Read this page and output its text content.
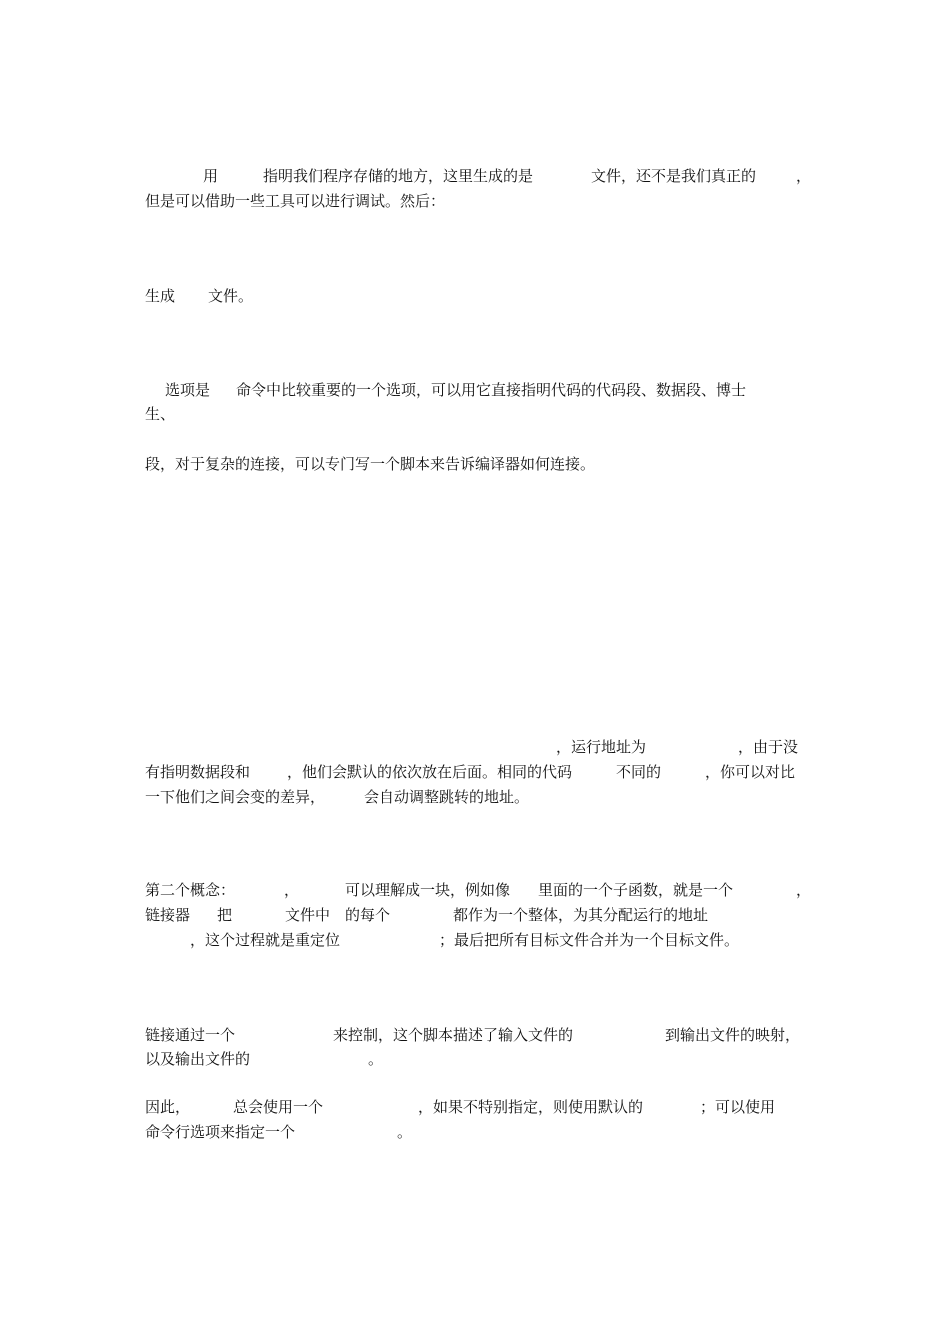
用	指明我们程序存储的地方，这里生成的是	文件，还不是我们真正的	，
但是可以借助一些工具可以进行调试。然后：
生成 文件。
选项是 命令中比较重要的一个选项，可以用它直接指明代码的代码段、数据段、博士
生、
段，对于复杂的连接，可以专门写一个脚本来告诉编译器如何连接。
，运行地址为	，由于没
有指明数据段和 ，他们会默认的依次放在后面。相同的代码	不同的	，你可以对比
一下他们之间会变的差异，	会自动调整跳转的地址。
第二个概念：	，	可以理解成一块，例如像 里面的一个子函数，就是一个	，
链接器 把	文件中 的每个	都作为一个整体，为其分配运行的地址
，这个过程就是重定位	；最后把所有目标文件合并为一个目标文件。
链接通过一个	来控制，这个脚本描述了输入文件的	到输出文件的映射，
以及输出文件的	。
因此，	总会使用一个	，如果不特别指定，则使用默认的	；可以使用
命令行选项来指定一个	。
